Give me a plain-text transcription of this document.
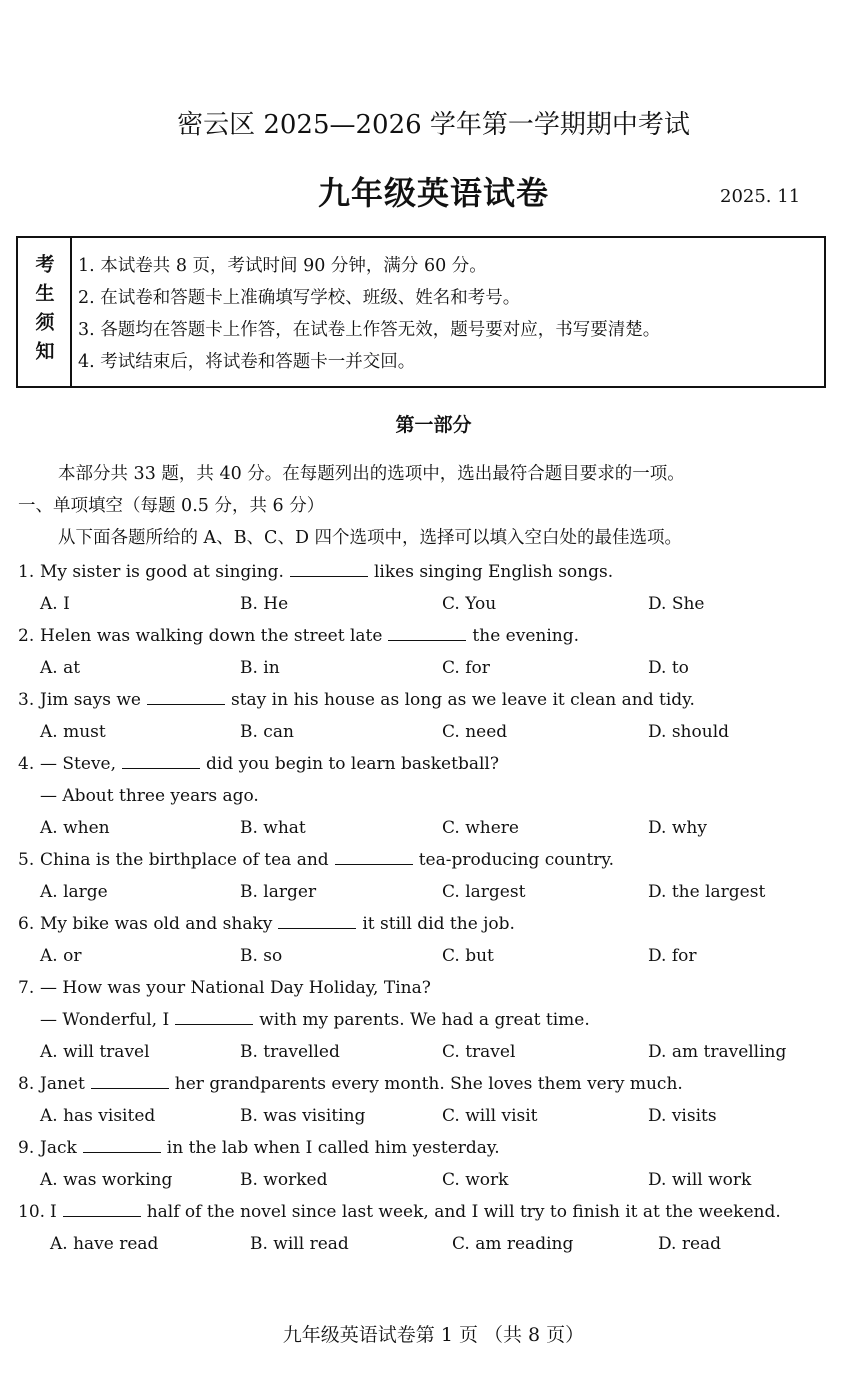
密云区 2025—2026 学年第一学期期中考试
九年级英语试卷	2025. 11
考生须知 1. 本试卷共 8 页，考试时间 90 分钟，满分 60 分。
2. 在试卷和答题卡上准确填写学校、班级、姓名和考号。
3. 各题均在答题卡上作答，在试卷上作答无效，题号要对应，书写要清楚。
4. 考试结束后，将试卷和答题卡一并交回。
第一部分
本部分共 33 题，共 40 分。在每题列出的选项中，选出最符合题目要求的一项。
一、单项填空（每题 0.5 分，共 6 分）
从下面各题所给的 A、B、C、D 四个选项中，选择可以填入空白处的最佳选项。
1. My sister is good at singing.	likes singing English songs.
A. I	B. He	C. You	D. She
2. Helen was walking down the street late	the evening.
A. at	B. in	C. for	D. to
3. Jim says we	stay in his house as long as we leave it clean and tidy.
A. must	B. can	C. need	D. should
4. — Steve,	did you begin to learn basketball?
— About three years ago.
A. when	B. what	C. where	D. why
5. China is the birthplace of tea and	tea-producing country.
A. large	B. larger	C. largest	D. the largest
6. My bike was old and shaky	it still did the job.
A. or	B. so	C. but	D. for
7. — How was your National Day Holiday, Tina?
— Wonderful, I	with my parents. We had a great time.
A. will travel	B. travelled	C. travel	D. am travelling
8. Janet	her grandparents every month. She loves them very much.
A. has visited	B. was visiting	C. will visit	D. visits
9. Jack	in the lab when I called him yesterday.
A. was working	B. worked	C. work	D. will work
10. I	half of the novel since last week, and I will try to finish it at the weekend.
A. have read	B. will read	C. am reading	D. read
九年级英语试卷第 1 页 （共 8 页）
